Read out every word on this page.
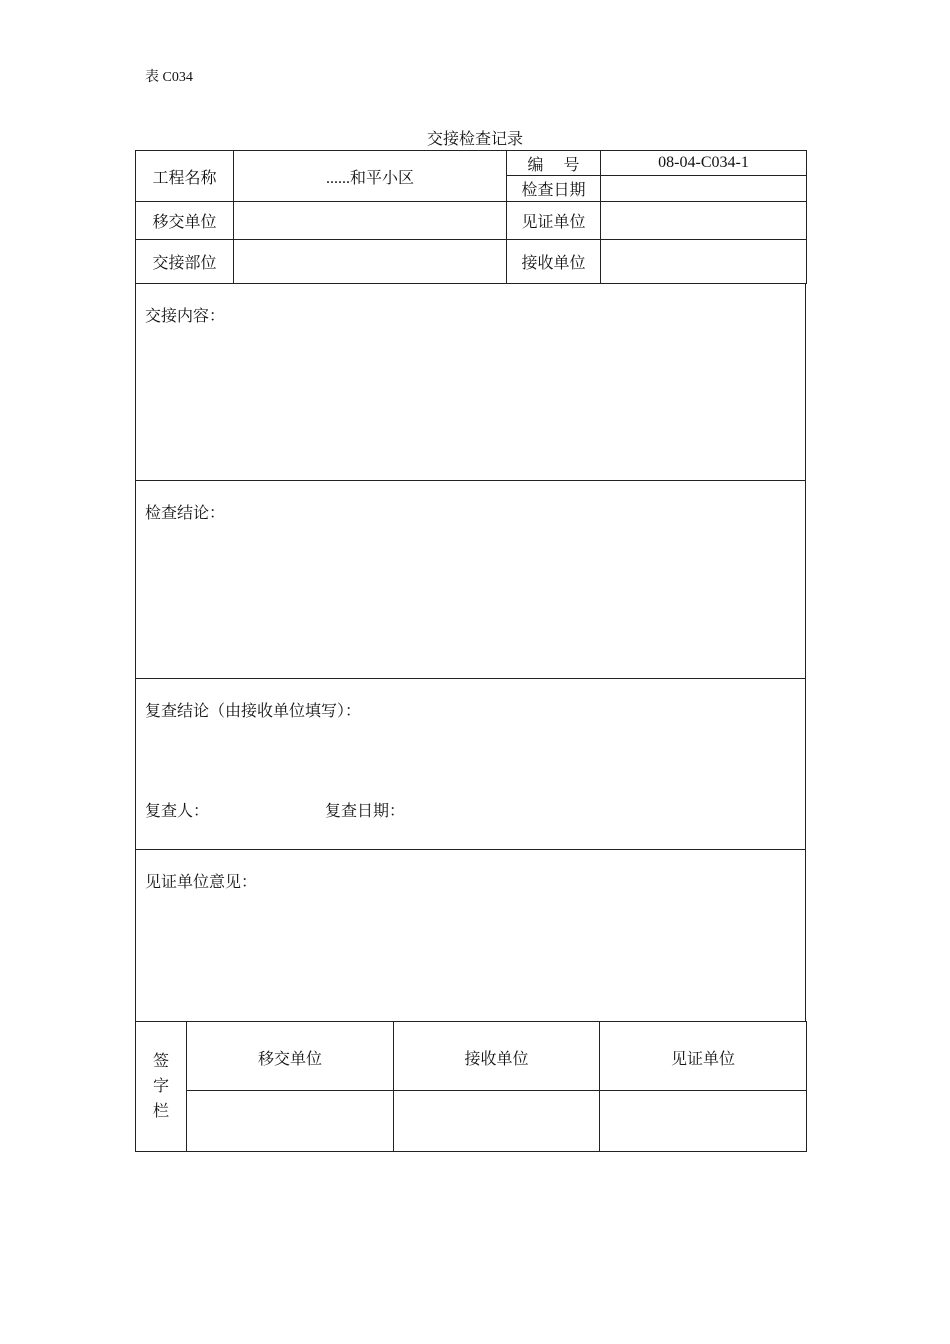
表 C034
交接检查记录
工程名称	......和平小区	编　 号	08-04-C034-1
		检查日期	
移交单位		见证单位	
交接部位		接收单位	
交接内容：
检查结论：
复查结论（由接收单位填写）：
复查人：	复查日期：
见证单位意见：
签
字
栏	移交单位	接收单位	见证单位
